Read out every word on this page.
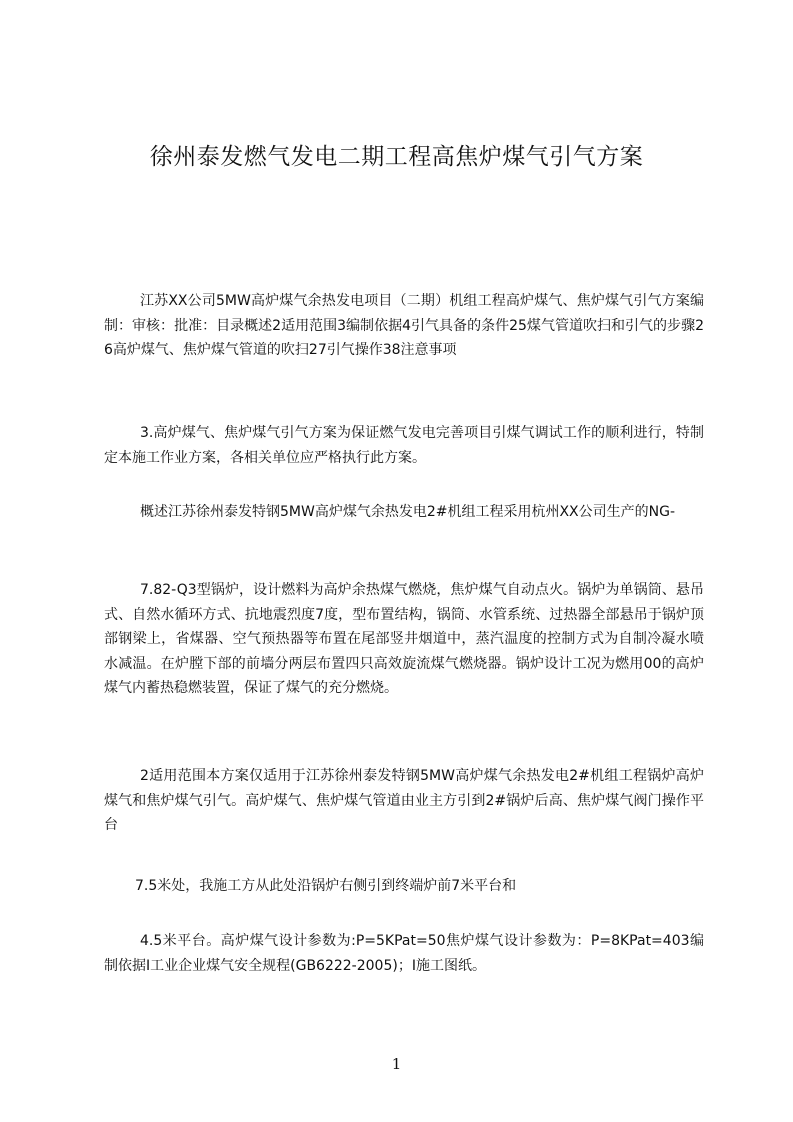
徐州泰发燃气发电二期工程高焦炉煤气引气方案

江苏XX公司5MW高炉煤气余热发电项目（二期）机组工程高炉煤气、焦炉煤气引气方案编制：审核：批准：目录概述2适用范围3编制依据4引气具备的条件25煤气管道吹扫和引气的步骤26高炉煤气、焦炉煤气管道的吹扫27引气操作38注意事项

3.高炉煤气、焦炉煤气引气方案为保证燃气发电完善项目引煤气调试工作的顺利进行，特制定本施工作业方案，各相关单位应严格执行此方案。

概述江苏徐州泰发特钢5MW高炉煤气余热发电2#机组工程采用杭州XX公司生产的NG-

7.82-Q3型锅炉，设计燃料为高炉余热煤气燃烧，焦炉煤气自动点火。锅炉为单锅筒、悬吊式、自然水循环方式、抗地震烈度7度，型布置结构，锅筒、水管系统、过热器全部悬吊于锅炉顶部钢梁上，省煤器、空气预热器等布置在尾部竖井烟道中，蒸汽温度的控制方式为自制冷凝水喷水减温。在炉膛下部的前墙分两层布置四只高效旋流煤气燃烧器。锅炉设计工况为燃用00的高炉煤气内蓄热稳燃装置，保证了煤气的充分燃烧。

2适用范围本方案仅适用于江苏徐州泰发特钢5MW高炉煤气余热发电2#机组工程锅炉高炉煤气和焦炉煤气引气。高炉煤气、焦炉煤气管道由业主方引到2#锅炉后高、焦炉煤气阀门操作平台

7.5米处，我施工方从此处沿锅炉右侧引到终端炉前7米平台和

4.5米平台。高炉煤气设计参数为:P=5KPat=50焦炉煤气设计参数为：P=8KPat=403编制依据Ⅰ工业企业煤气安全规程(GB6222-2005)；Ⅰ施工图纸。

1
